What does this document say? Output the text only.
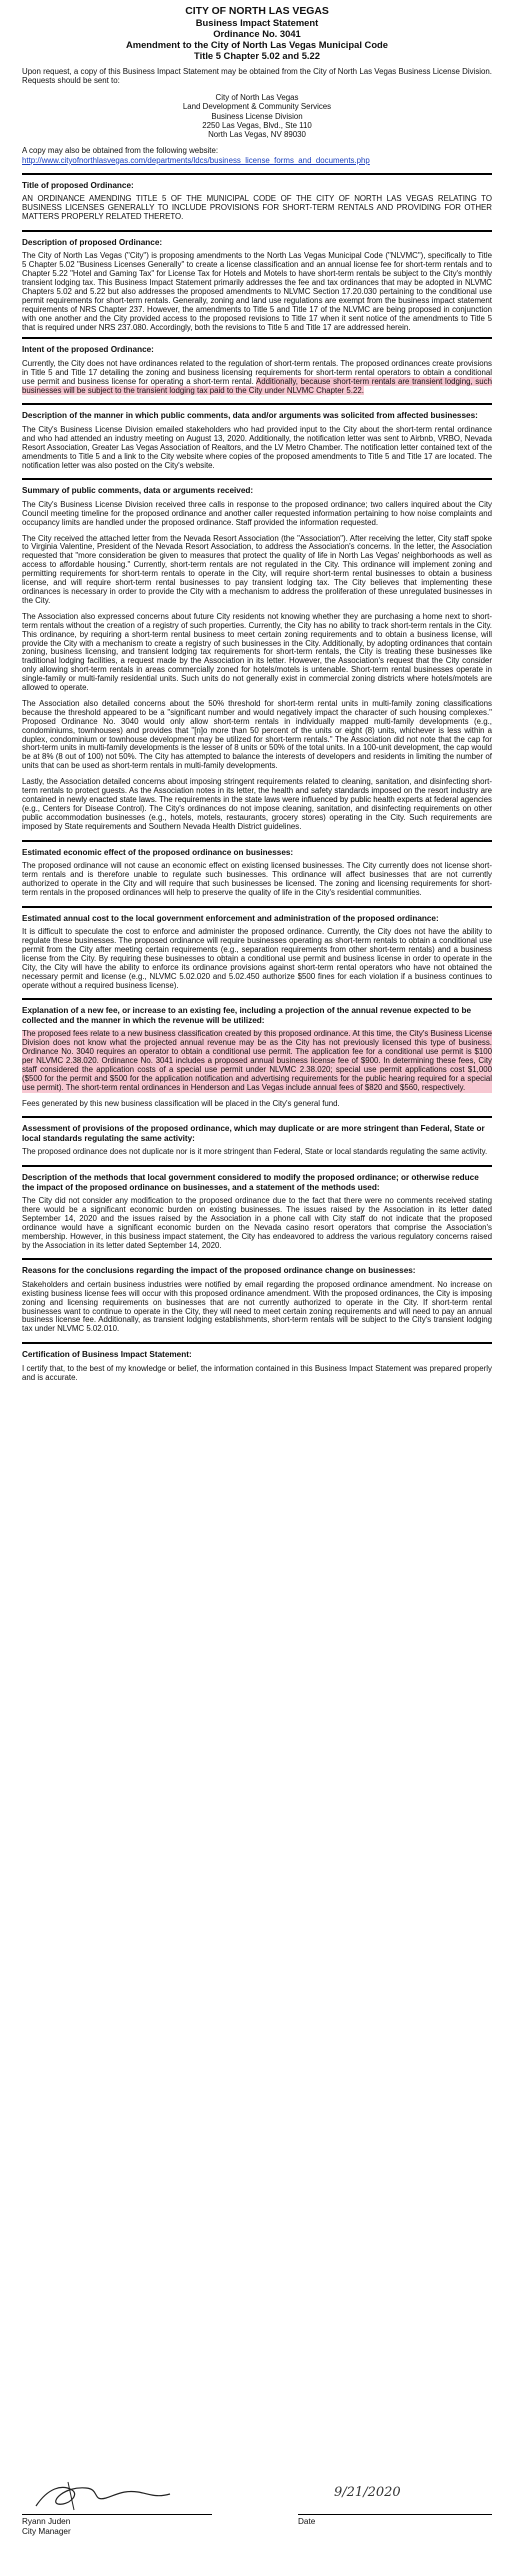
CITY OF NORTH LAS VEGAS

Business Impact Statement

Ordinance No. 3041

Amendment to the City of North Las Vegas Municipal Code

Title 5 Chapter 5.02 and 5.22

Upon request, a copy of this Business Impact Statement may be obtained from the City of North Las Vegas Business License Division. Requests should be sent to:

City of North Las Vegas

Land Development & Community Services

Business License Division

2250 Las Vegas, Blvd., Ste 110

North Las Vegas, NV 89030

A copy may also be obtained from the following website:

http://www.cityofnorthlasvegas.com/departments/ldcs/business_license_forms_and_documents.php

Title of proposed Ordinance:

AN ORDINANCE AMENDING TITLE 5 OF THE MUNICIPAL CODE OF THE CITY OF NORTH LAS VEGAS RELATING TO BUSINESS LICENSES GENERALLY TO INCLUDE PROVISIONS FOR SHORT-TERM RENTALS AND PROVIDING FOR OTHER MATTERS PROPERLY RELATED THERETO.

Description of proposed Ordinance:

The City of North Las Vegas ("City") is proposing amendments to the North Las Vegas Municipal Code ("NLVMC"), specifically to Title 5 Chapter 5.02 "Business Licenses Generally" to create a license classification and an annual license fee for short-term rentals and to Chapter 5.22 "Hotel and Gaming Tax" for License Tax for Hotels and Motels to have short-term rentals be subject to the City's monthly transient lodging tax. This Business Impact Statement primarily addresses the fee and tax ordinances that may be adopted in NLVMC Chapters 5.02 and 5.22 but also addresses the proposed amendments to NLVMC Section 17.20.030 pertaining to the conditional use permit requirements for short-term rentals. Generally, zoning and land use regulations are exempt from the business impact statement requirements of NRS Chapter 237. However, the amendments to Title 5 and Title 17 of the NLVMC are being proposed in conjunction with one another and the City provided access to the proposed revisions to Title 17 when it sent notice of the amendments to Title 5 that is required under NRS 237.080. Accordingly, both the revisions to Title 5 and Title 17 are addressed herein.

Intent of the proposed Ordinance:

Currently, the City does not have ordinances related to the regulation of short-term rentals. The proposed ordinances create provisions in Title 5 and Title 17 detailing the zoning and business licensing requirements for short-term rental operators to obtain a conditional use permit and business license for operating a short-term rental. Additionally, because short-term rentals are transient lodging, such businesses will be subject to the transient lodging tax paid to the City under NLVMC Chapter 5.22.

Description of the manner in which public comments, data and/or arguments was solicited from affected businesses:

The City's Business License Division emailed stakeholders who had provided input to the City about the short-term rental ordinance and who had attended an industry meeting on August 13, 2020. Additionally, the notification letter was sent to Airbnb, VRBO, Nevada Resort Association, Greater Las Vegas Association of Realtors, and the LV Metro Chamber. The notification letter contained text of the amendments to Title 5 and a link to the City website where copies of the proposed amendments to Title 5 and Title 17 are located. The notification letter was also posted on the City's website.

Summary of public comments, data or arguments received:

The City's Business License Division received three calls in response to the proposed ordinance; two callers inquired about the City Council meeting timeline for the proposed ordinance and another caller requested information pertaining to how noise complaints and occupancy limits are handled under the proposed ordinance. Staff provided the information requested.

The City received the attached letter from the Nevada Resort Association (the "Association"). After receiving the letter, City staff spoke to Virginia Valentine, President of the Nevada Resort Association, to address the Association's concerns. In the letter, the Association requested that "more consideration be given to measures that protect the quality of life in North Las Vegas' neighborhoods as well as access to affordable housing." Currently, short-term rentals are not regulated in the City. This ordinance will implement zoning and permitting requirements for short-term rentals to operate in the City, will require short-term rental businesses to obtain a business license, and will require short-term rental businesses to pay transient lodging tax. The City believes that implementing these ordinances is necessary in order to provide the City with a mechanism to address the proliferation of these unregulated businesses in the City.

The Association also expressed concerns about future City residents not knowing whether they are purchasing a home next to short-term rentals without the creation of a registry of such properties. Currently, the City has no ability to track short-term rentals in the City. This ordinance, by requiring a short-term rental business to meet certain zoning requirements and to obtain a business license, will provide the City with a mechanism to create a registry of such businesses in the City. Additionally, by adopting ordinances that contain zoning, business licensing, and transient lodging tax requirements for short-term rentals, the City is treating these businesses like traditional lodging facilities, a request made by the Association in its letter. However, the Association's request that the City consider only allowing short-term rentals in areas commercially zoned for hotels/motels is untenable. Short-term rental businesses operate in single-family or multi-family residential units. Such units do not generally exist in commercial zoning districts where hotels/motels are allowed to operate.

The Association also detailed concerns about the 50% threshold for short-term rental units in multi-family zoning classifications because the threshold appeared to be a "significant number and would negatively impact the character of such housing complexes." Proposed Ordinance No. 3040 would only allow short-term rentals in individually mapped multi-family developments (e.g., condominiums, townhouses) and provides that "[n]o more than 50 percent of the units or eight (8) units, whichever is less within a duplex, condominium or townhouse development may be utilized for short-term rentals." The Association did not note that the cap for short-term units in multi-family developments is the lesser of 8 units or 50% of the total units. In a 100-unit development, the cap would be at 8% (8 out of 100) not 50%. The City has attempted to balance the interests of developers and residents in limiting the number of units that can be used as short-term rentals in multi-family developments.

Lastly, the Association detailed concerns about imposing stringent requirements related to cleaning, sanitation, and disinfecting short-term rentals to protect guests. As the Association notes in its letter, the health and safety standards imposed on the resort industry are contained in newly enacted state laws. The requirements in the state laws were influenced by public health experts at federal agencies (e.g., Centers for Disease Control). The City's ordinances do not impose cleaning, sanitation, and disinfecting requirements on other public accommodation businesses (e.g., hotels, motels, restaurants, grocery stores) operating in the City. Such requirements are imposed by State requirements and Southern Nevada Health District guidelines.

Estimated economic effect of the proposed ordinance on businesses:

The proposed ordinance will not cause an economic effect on existing licensed businesses. The City currently does not license short-term rentals and is therefore unable to regulate such businesses. This ordinance will affect businesses that are not currently authorized to operate in the City and will require that such businesses be licensed. The zoning and licensing requirements for short-term rentals in the proposed ordinances will help to preserve the quality of life in the City's residential communities.

Estimated annual cost to the local government enforcement and administration of the proposed ordinance:

It is difficult to speculate the cost to enforce and administer the proposed ordinance. Currently, the City does not have the ability to regulate these businesses. The proposed ordinance will require businesses operating as short-term rentals to obtain a conditional use permit from the City after meeting certain requirements (e.g., separation requirements from other short-term rentals) and a business license from the City. By requiring these businesses to obtain a conditional use permit and business license in order to operate in the City, the City will have the ability to enforce its ordinance provisions against short-term rental operators who have not obtained the necessary permit and license (e.g., NLVMC 5.02.020 and 5.02.450 authorize $500 fines for each violation if a business continues to operate without a required business license).

Explanation of a new fee, or increase to an existing fee, including a projection of the annual revenue expected to be collected and the manner in which the revenue will be utilized:

The proposed fees relate to a new business classification created by this proposed ordinance. At this time, the City's Business License Division does not know what the projected annual revenue may be as the City has not previously licensed this type of business. Ordinance No. 3040 requires an operator to obtain a conditional use permit. The application fee for a conditional use permit is $100 per NLVMC 2.38.020. Ordinance No. 3041 includes a proposed annual business license fee of $900. In determining these fees, City staff considered the application costs of a special use permit under NLVMC 2.38.020; special use permit applications cost $1,000 ($500 for the permit and $500 for the application notification and advertising requirements for the public hearing required for a special use permit). The short-term rental ordinances in Henderson and Las Vegas include annual fees of $820 and $560, respectively.

Fees generated by this new business classification will be placed in the City's general fund.

Assessment of provisions of the proposed ordinance, which may duplicate or are more stringent than Federal, State or local standards regulating the same activity:

The proposed ordinance does not duplicate nor is it more stringent than Federal, State or local standards regulating the same activity.

Description of the methods that local government considered to modify the proposed ordinance; or otherwise reduce the impact of the proposed ordinance on businesses, and a statement of the methods used:

The City did not consider any modification to the proposed ordinance due to the fact that there were no comments received stating there would be a significant economic burden on existing businesses. The issues raised by the Association in its letter dated September 14, 2020 and the issues raised by the Association in a phone call with City staff do not indicate that the proposed ordinance would have a significant economic burden on the Nevada casino resort operators that comprise the Association's membership. However, in this business impact statement, the City has endeavored to address the various regulatory concerns raised by the Association in its letter dated September 14, 2020.

Reasons for the conclusions regarding the impact of the proposed ordinance change on businesses:

Stakeholders and certain business industries were notified by email regarding the proposed ordinance amendment. No increase on existing business license fees will occur with this proposed ordinance amendment. With the proposed ordinances, the City is imposing zoning and licensing requirements on businesses that are not currently authorized to operate in the City. If short-term rental businesses want to continue to operate in the City, they will need to meet certain zoning requirements and will need to pay an annual business license fee. Additionally, as transient lodging establishments, short-term rentals will be subject to the City's transient lodging tax under NLVMC 5.02.010.

Certification of Business Impact Statement:

I certify that, to the best of my knowledge or belief, the information contained in this Business Impact Statement was prepared properly and is accurate.

Ryann Juden

City Manager

9/21/2020

Date
